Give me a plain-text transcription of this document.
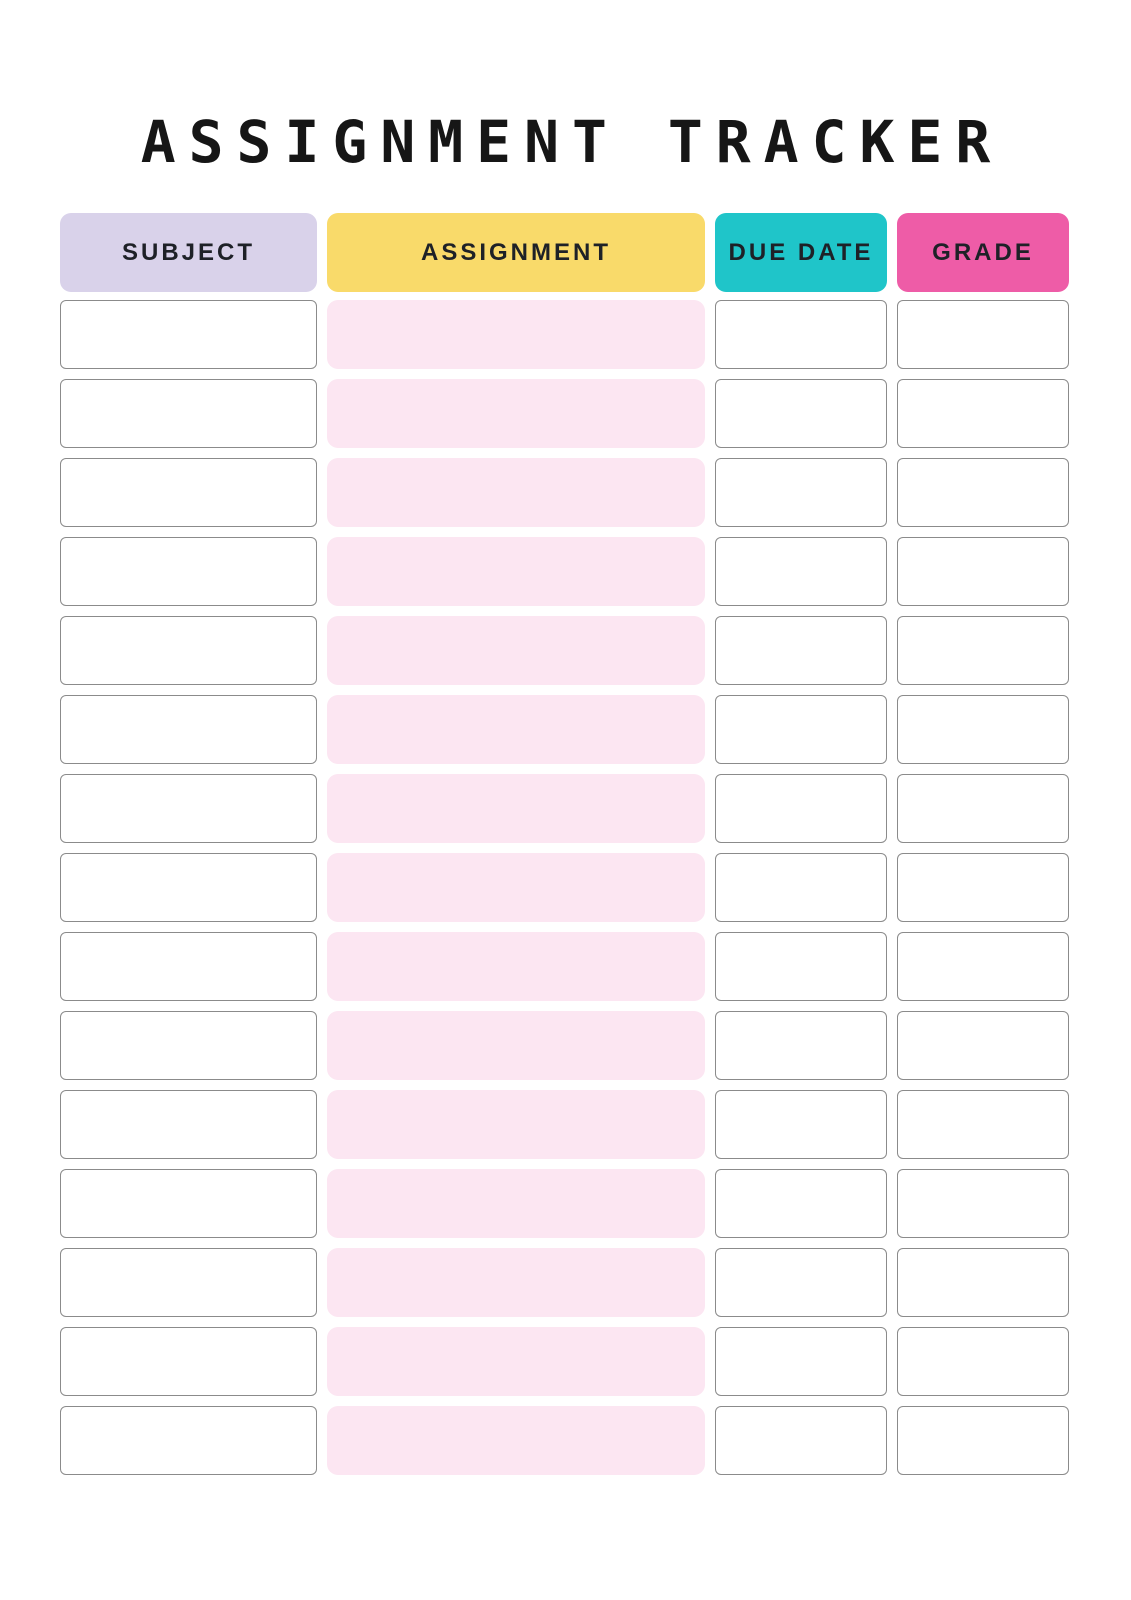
ASSIGNMENT TRACKER
SUBJECT	ASSIGNMENT	DUE DATE GRADE
